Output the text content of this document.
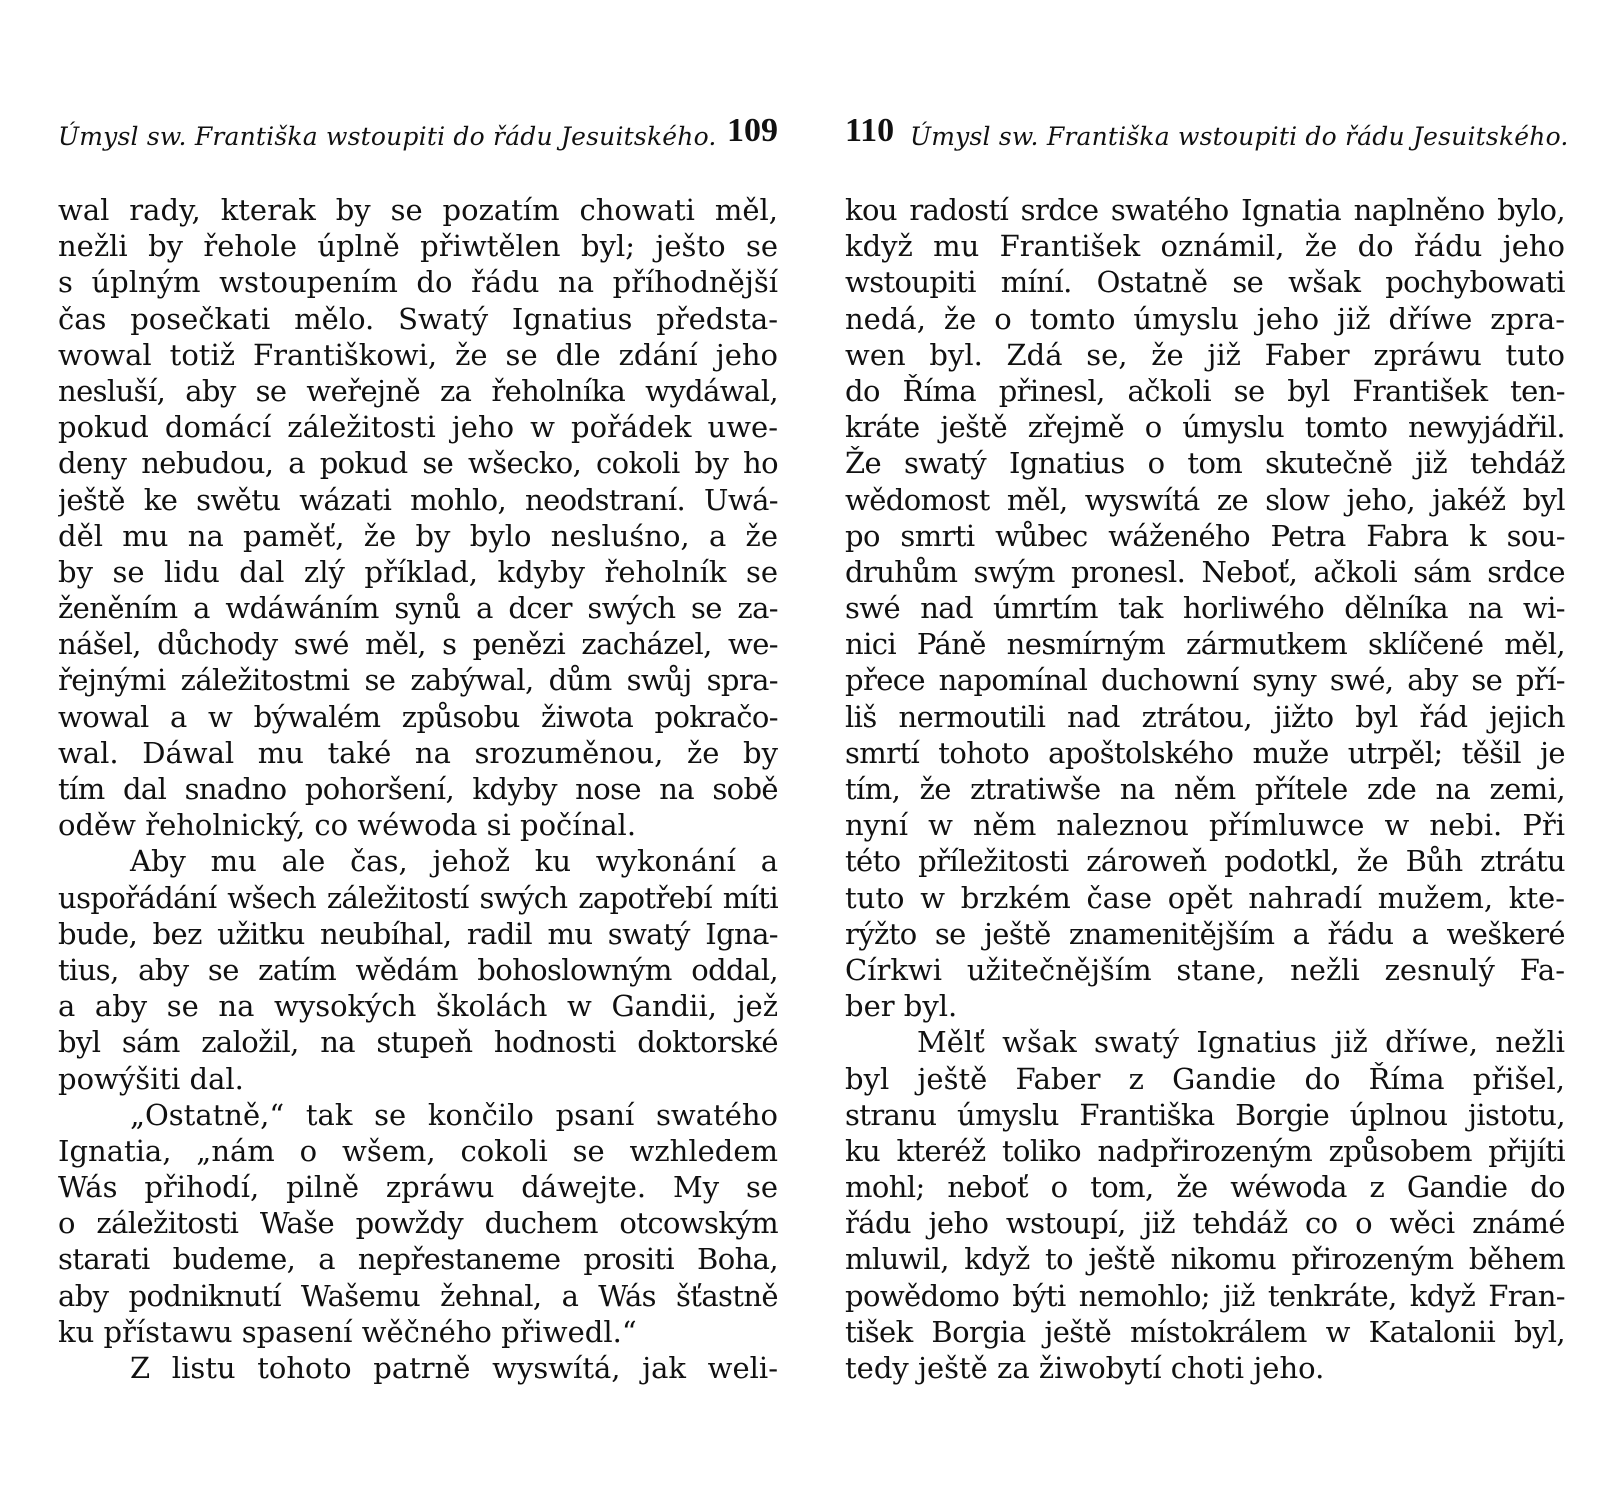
Úmysl sw. Františka wstoupiti do řádu Jesuitského. 109
wal rady, kterak by se pozatím chowati měl,
nežli by řehole úplně přiwtělen byl; ješto se
s úplným wstoupením do řádu na příhodnější
čas posečkati mělo. Swatý Ignatius předsta-
wowal totiž Františkowi, že se dle zdání jeho
nesluší, aby se weřejně za řeholníka wydáwal,
pokud domácí záležitosti jeho w pořádek uwe-
deny nebudou, a pokud se wšecko, cokoli by ho
ještě ke swětu wázati mohlo, neodstraní. Uwá-
děl mu na paměť, že by bylo nesluśno, a že
by se lidu dal zlý příklad, kdyby řeholník se
ženěním a wdáwáním synů a dcer swých se za-
nášel, důchody swé měl, s penězi zacházel, we-
řejnými záležitostmi se zabýwal, dům swůj spra-
wowal a w býwalém způsobu žiwota pokračo-
wal. Dáwal mu také na srozuměnou, že by
tím dal snadno pohoršení, kdyby nose na sobě
oděw řeholnický, co wéwoda si počínal.
Aby mu ale čas, jehož ku wykonání a
uspořádání wšech záležitostí swých zapotřebí míti
bude, bez užitku neubíhal, radil mu swatý Igna-
tius, aby se zatím wědám bohoslowným oddal,
a aby se na wysokých školách w Gandii, jež
byl sám založil, na stupeň hodnosti doktorské
powýšiti dal.
„Ostatně,“ tak se končilo psaní swatého
Ignatia, „nám o wšem, cokoli se wzhledem
Wás přihodí, pilně zpráwu dáwejte. My se
o záležitosti Waše powždy duchem otcowským
starati budeme, a nepřestaneme prositi Boha,
aby podniknutí Wašemu žehnal, a Wás šťastně
ku přístawu spasení wěčného přiwedl.“
Z listu tohoto patrně wyswítá, jak weli-
110 Úmysl sw. Františka wstoupiti do řádu Jesuitského.
kou radostí srdce swatého Ignatia naplněno bylo,
když mu František oznámil, že do řádu jeho
wstoupiti míní. Ostatně se wšak pochybowati
nedá, že o tomto úmyslu jeho již dříwe zpra-
wen byl. Zdá se, že již Faber zpráwu tuto
do Říma přinesl, ačkoli se byl František ten-
kráte ještě zřejmě o úmyslu tomto newyjádřil.
Že swatý Ignatius o tom skutečně již tehdáž
wědomost měl, wyswítá ze slow jeho, jakéž byl
po smrti wůbec wáženého Petra Fabra k sou-
druhům swým pronesl. Neboť, ačkoli sám srdce
swé nad úmrtím tak horliwého dělníka na wi-
nici Páně nesmírným zármutkem sklíčené měl,
přece napomínal duchowní syny swé, aby se pří-
liš nermoutili nad ztrátou, jižto byl řád jejich
smrtí tohoto apoštolského muže utrpěl; těšil je
tím, že ztratiwše na něm přítele zde na zemi,
nyní w něm naleznou přímluwce w nebi. Při
této příležitosti zároweň podotkl, že Bůh ztrátu
tuto w brzkém čase opět nahradí mužem, kte-
rýžto se ještě znamenitějším a řádu a weškeré
Církwi užitečnějším stane, nežli zesnulý Fa-
ber byl.
Mělť wšak swatý Ignatius již dříwe, nežli
byl ještě Faber z Gandie do Říma přišel,
stranu úmyslu Františka Borgie úplnou jistotu,
ku kteréž toliko nadpřirozeným způsobem přijíti
mohl; neboť o tom, že wéwoda z Gandie do
řádu jeho wstoupí, již tehdáž co o wěci známé
mluwil, když to ještě nikomu přirozeným během
powědomo býti nemohlo; již tenkráte, když Fran-
tišek Borgia ještě místokrálem w Katalonii byl,
tedy ještě za žiwobytí choti jeho.
